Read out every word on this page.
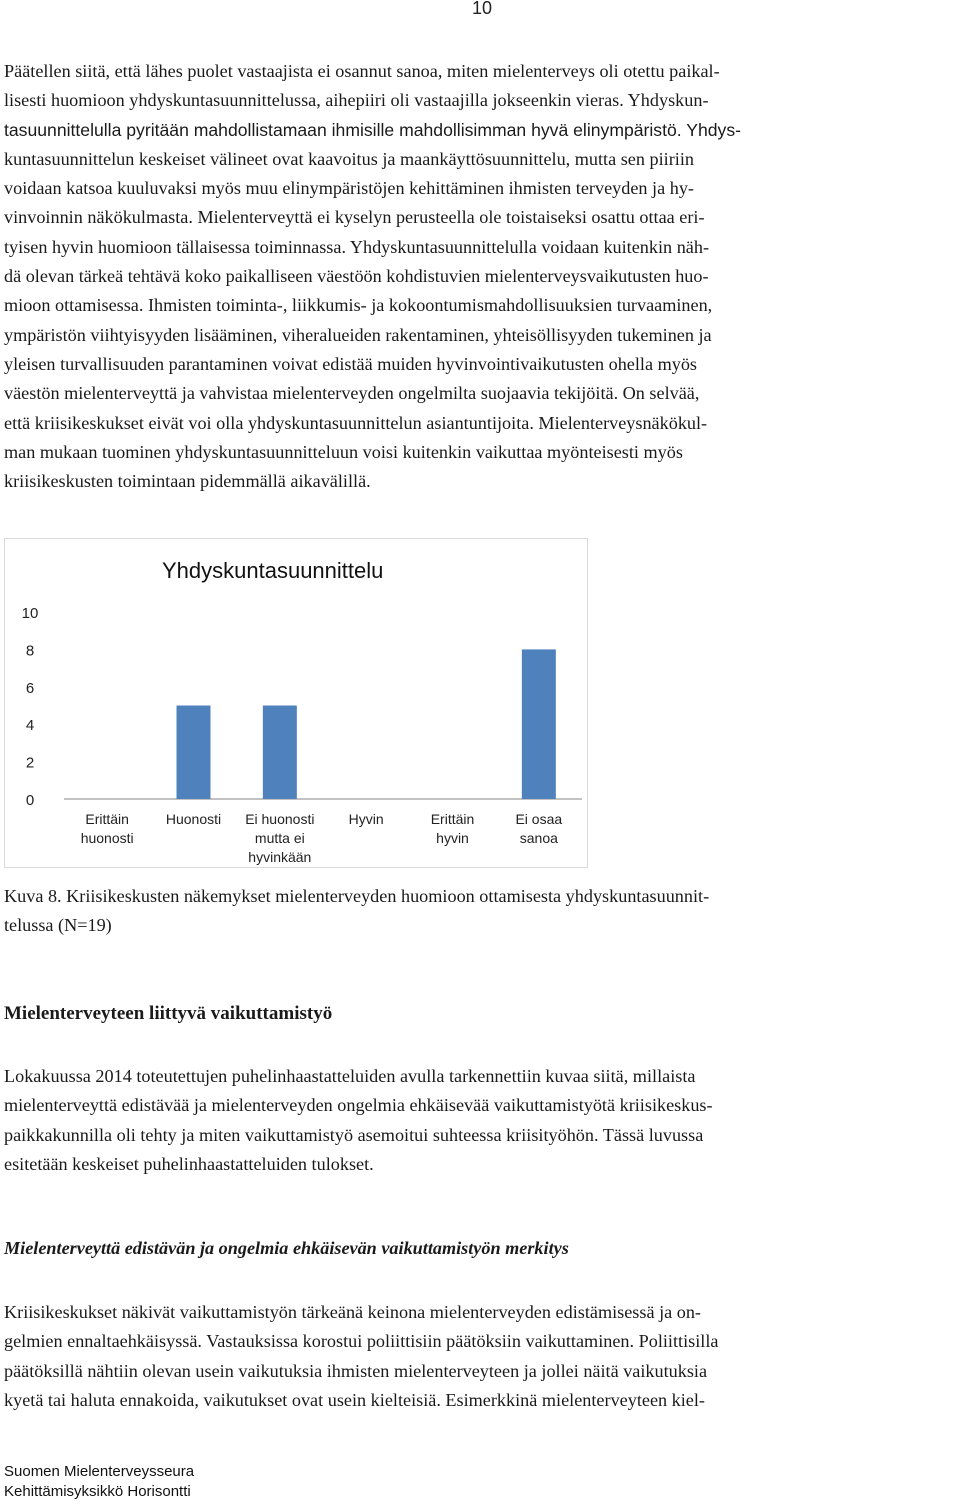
10
Päätellen siitä, että lähes puolet vastaajista ei osannut sanoa, miten mielenterveys oli otettu paikal-
lisesti huomioon yhdyskuntasuunnittelussa, aihepiiri oli vastaajilla jokseenkin vieras. Yhdyskun-
tasuunnittelulla pyritään mahdollistamaan ihmisille mahdollisimman hyvä elinympäristö. Yhdys-
kuntasuunnittelun keskeiset välineet ovat kaavoitus ja maankäyttösuunnittelu, mutta sen piiriin
voidaan katsoa kuuluvaksi myös muu elinympäristöjen kehittäminen ihmisten terveyden ja hy-
vinvoinnin näkökulmasta. Mielenterveyttä ei kyselyn perusteella ole toistaiseksi osattu ottaa eri-
tyisen hyvin huomioon tällaisessa toiminnassa. Yhdyskuntasuunnittelulla voidaan kuitenkin näh-
dä olevan tärkeä tehtävä koko paikalliseen väestöön kohdistuvien mielenterveysvaikutusten huo-
mioon ottamisessa. Ihmisten toiminta-, liikkumis- ja kokoontumismahdollisuuksien turvaaminen,
ympäristön viihtyisyyden lisääminen, viheralueiden rakentaminen, yhteisöllisyyden tukeminen ja
yleisen turvallisuuden parantaminen voivat edistää muiden hyvinvointivaikutusten ohella myös
väestön mielenterveyttä ja vahvistaa mielenterveyden ongelmilta suojaavia tekijöitä. On selvää,
että kriisikeskukset eivät voi olla yhdyskuntasuunnittelun asiantuntijoita. Mielenterveysnäkökul-
man mukaan tuominen yhdyskuntasuunnitteluun voisi kuitenkin vaikuttaa myönteisesti myös
kriisikeskusten toimintaan pidemmällä aikavälillä.
0
2
4
6
8
10
Erittäin huonosti
Huonosti Ei huonosti mutta ei hyvinkään
Hyvin	Erittäin hyvin
Ei osaa sanoa
Yhdyskuntasuunnittelu
Kuva 8. Kriisikeskusten näkemykset mielenterveyden huomioon ottamisesta yhdyskuntasuunnit-
telussa (N=19)
Mielenterveyteen liittyvä vaikuttamistyö
Lokakuussa 2014 toteutettujen puhelinhaastatteluiden avulla tarkennettiin kuvaa siitä, millaista
mielenterveyttä edistävää ja mielenterveyden ongelmia ehkäisevää vaikuttamistyötä kriisikeskus-
paikkakunnilla oli tehty ja miten vaikuttamistyö asemoitui suhteessa kriisityöhön. Tässä luvussa
esitetään keskeiset puhelinhaastatteluiden tulokset.
Mielenterveyttä edistävän ja ongelmia ehkäisevän vaikuttamistyön merkitys
Kriisikeskukset näkivät vaikuttamistyön tärkeänä keinona mielenterveyden edistämisessä ja on-
gelmien ennaltaehkäisyssä. Vastauksissa korostui poliittisiin päätöksiin vaikuttaminen. Poliittisilla
päätöksillä nähtiin olevan usein vaikutuksia ihmisten mielenterveyteen ja jollei näitä vaikutuksia
kyetä tai haluta ennakoida, vaikutukset ovat usein kielteisiä. Esimerkkinä mielenterveyteen kiel-
Suomen Mielenterveysseura
Kehittämisyksikkö Horisontti
